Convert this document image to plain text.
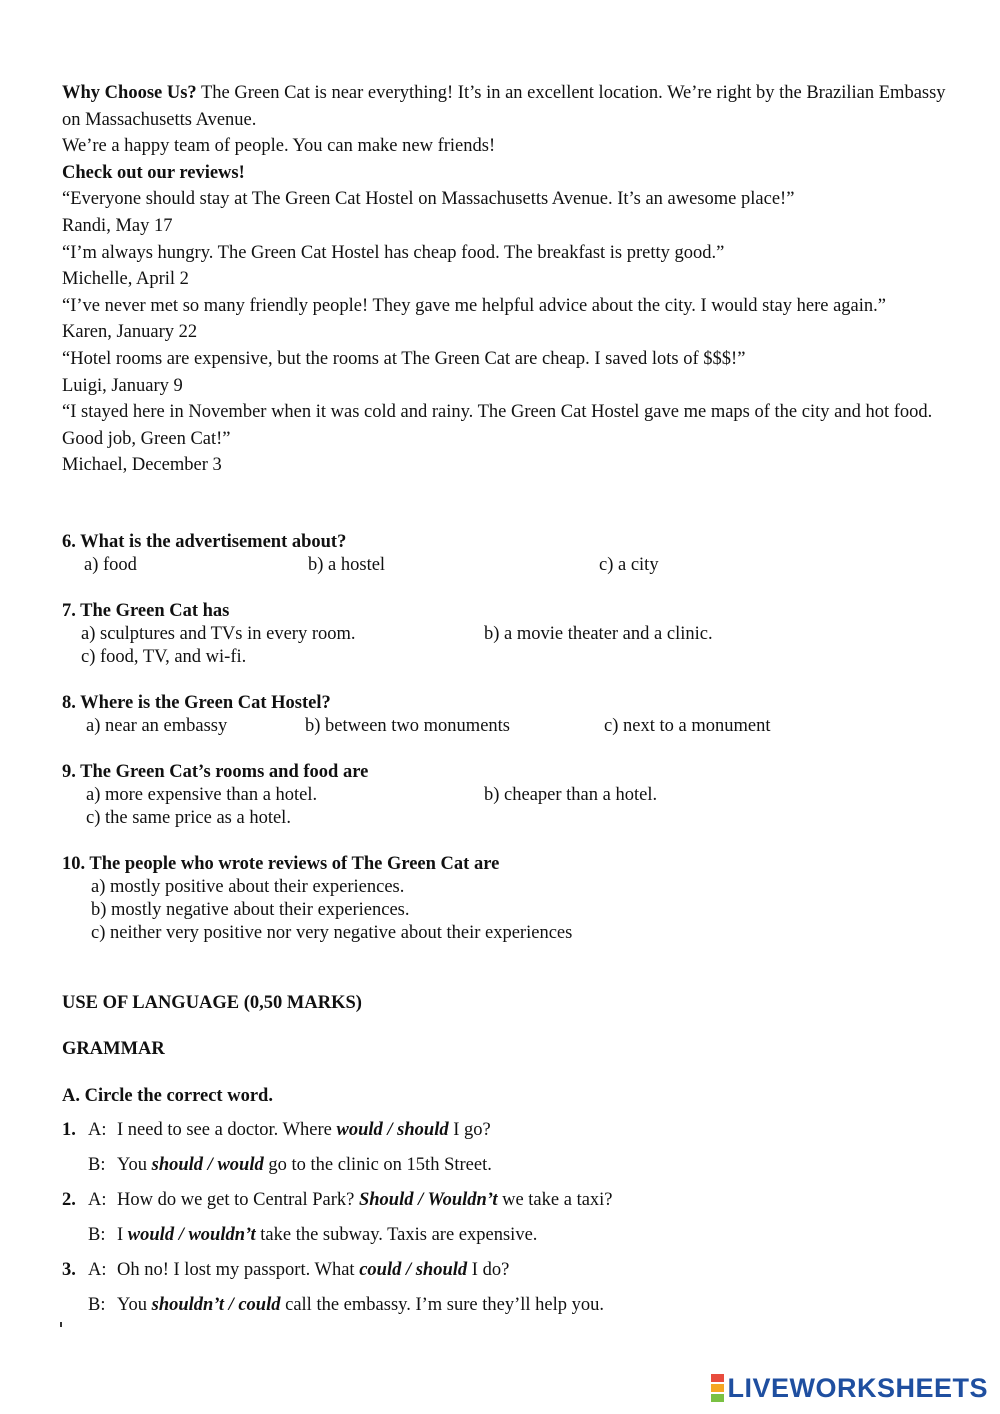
Why Choose Us? The Green Cat is near everything! It’s in an excellent location. We’re right by the Brazilian Embassy on Massachusetts Avenue.

We’re a happy team of people. You can make new friends!

Check out our reviews!

“Everyone should stay at The Green Cat Hostel on Massachusetts Avenue. It’s an awesome place!”

Randi, May 17

“I’m always hungry. The Green Cat Hostel has cheap food. The breakfast is pretty good.”

Michelle, April 2

“I’ve never met so many friendly people! They gave me helpful advice about the city. I would stay here again.”

Karen, January 22

“Hotel rooms are expensive, but the rooms at The Green Cat are cheap. I saved lots of $$$!”

Luigi, January 9

“I stayed here in November when it was cold and rainy. The Green Cat Hostel gave me maps of the city and hot food. Good job, Green Cat!”

Michael, December 3

6. What is the advertisement about?
a) food	b) a hostel	c) a city
7. The Green Cat has
a) sculptures and TVs in every room.	b) a movie theater and a clinic.
c) food, TV, and wi-fi.
8. Where is the Green Cat Hostel?
a) near an embassy	b) between two monuments	c) next to a monument
9. The Green Cat’s rooms and food are
a) more expensive than a hotel.	b) cheaper than a hotel.
c) the same price as a hotel.
10. The people who wrote reviews of The Green Cat are
a) mostly positive about their experiences.
b) mostly negative about their experiences.
c) neither very positive nor very negative about their experiences
USE OF LANGUAGE (0,50 MARKS)
GRAMMAR
A. Circle the correct word.
1. A: I need to see a doctor. Where would / should I go?
B: You should / would go to the clinic on 15th Street.
2. A: How do we get to Central Park? Should / Wouldn’t we take a taxi?
B: I would / wouldn’t take the subway. Taxis are expensive.
3. A: Oh no! I lost my passport. What could / should I do?
B: You shouldn’t / could call the embassy. I’m sure they’ll help you.
LIVEWORKSHEETS
